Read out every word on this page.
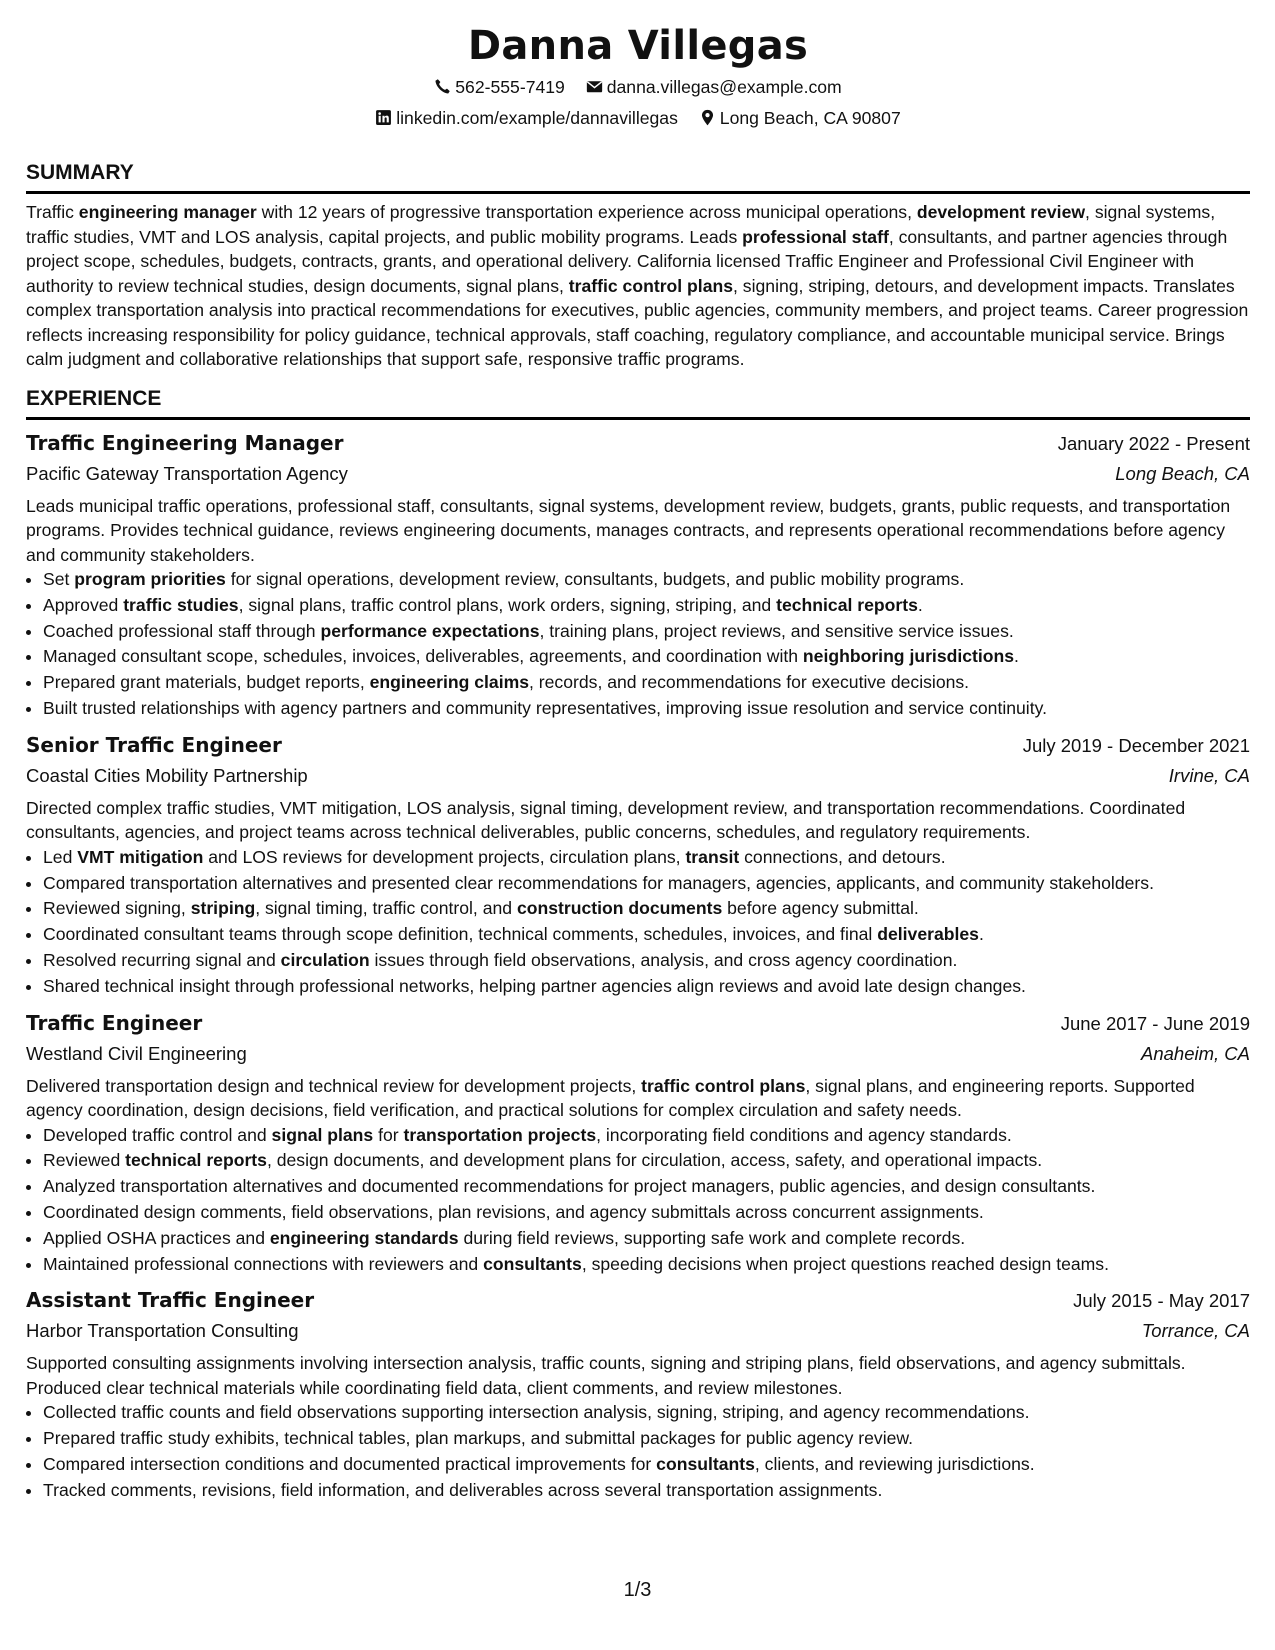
Danna Villegas
562-555-7419 danna.villegas@example.com
linkedin.com/example/dannavillegas Long Beach, CA 90807
SUMMARY

Traffic engineering manager with 12 years of progressive transportation experience across municipal operations, development review, signal systems, traffic studies, VMT and LOS analysis, capital projects, and public mobility programs. Leads professional staff, consultants, and partner agencies through project scope, schedules, budgets, contracts, grants, and operational delivery. California licensed Traffic Engineer and Professional Civil Engineer with authority to review technical studies, design documents, signal plans, traffic control plans, signing, striping, detours, and development impacts. Translates complex transportation analysis into practical recommendations for executives, public agencies, community members, and project teams. Career progression reflects increasing responsibility for policy guidance, technical approvals, staff coaching, regulatory compliance, and accountable municipal service. Brings calm judgment and collaborative relationships that support safe, responsive traffic programs.

EXPERIENCE
Traffic Engineering Manager	January 2022 - Present
Pacific Gateway Transportation Agency	Long Beach, CA

Leads municipal traffic operations, professional staff, consultants, signal systems, development review, budgets, grants, public requests, and transportation programs. Provides technical guidance, reviews engineering documents, manages contracts, and represents operational recommendations before agency and community stakeholders.

• Set program priorities for signal operations, development review, consultants, budgets, and public mobility programs.
• Approved traffic studies, signal plans, traffic control plans, work orders, signing, striping, and technical reports.
• Coached professional staff through performance expectations, training plans, project reviews, and sensitive service issues.
• Managed consultant scope, schedules, invoices, deliverables, agreements, and coordination with neighboring jurisdictions.
• Prepared grant materials, budget reports, engineering claims, records, and recommendations for executive decisions.
• Built trusted relationships with agency partners and community representatives, improving issue resolution and service continuity.
Senior Traffic Engineer	July 2019 - December 2021
Coastal Cities Mobility Partnership	Irvine, CA

Directed complex traffic studies, VMT mitigation, LOS analysis, signal timing, development review, and transportation recommendations. Coordinated consultants, agencies, and project teams across technical deliverables, public concerns, schedules, and regulatory requirements.

• Led VMT mitigation and LOS reviews for development projects, circulation plans, transit connections, and detours.
• Compared transportation alternatives and presented clear recommendations for managers, agencies, applicants, and community stakeholders.
• Reviewed signing, striping, signal timing, traffic control, and construction documents before agency submittal.
• Coordinated consultant teams through scope definition, technical comments, schedules, invoices, and final deliverables.
• Resolved recurring signal and circulation issues through field observations, analysis, and cross agency coordination.
• Shared technical insight through professional networks, helping partner agencies align reviews and avoid late design changes.
Traffic Engineer	June 2017 - June 2019
Westland Civil Engineering	Anaheim, CA

Delivered transportation design and technical review for development projects, traffic control plans, signal plans, and engineering reports. Supported agency coordination, design decisions, field verification, and practical solutions for complex circulation and safety needs.

• Developed traffic control and signal plans for transportation projects, incorporating field conditions and agency standards.
• Reviewed technical reports, design documents, and development plans for circulation, access, safety, and operational impacts.
• Analyzed transportation alternatives and documented recommendations for project managers, public agencies, and design consultants.
• Coordinated design comments, field observations, plan revisions, and agency submittals across concurrent assignments.
• Applied OSHA practices and engineering standards during field reviews, supporting safe work and complete records.
• Maintained professional connections with reviewers and consultants, speeding decisions when project questions reached design teams.
Assistant Traffic Engineer	July 2015 - May 2017
Harbor Transportation Consulting	Torrance, CA

Supported consulting assignments involving intersection analysis, traffic counts, signing and striping plans, field observations, and agency submittals. Produced clear technical materials while coordinating field data, client comments, and review milestones.

• Collected traffic counts and field observations supporting intersection analysis, signing, striping, and agency recommendations.
• Prepared traffic study exhibits, technical tables, plan markups, and submittal packages for public agency review.
• Compared intersection conditions and documented practical improvements for consultants, clients, and reviewing jurisdictions.
• Tracked comments, revisions, field information, and deliverables across several transportation assignments.
1/3
